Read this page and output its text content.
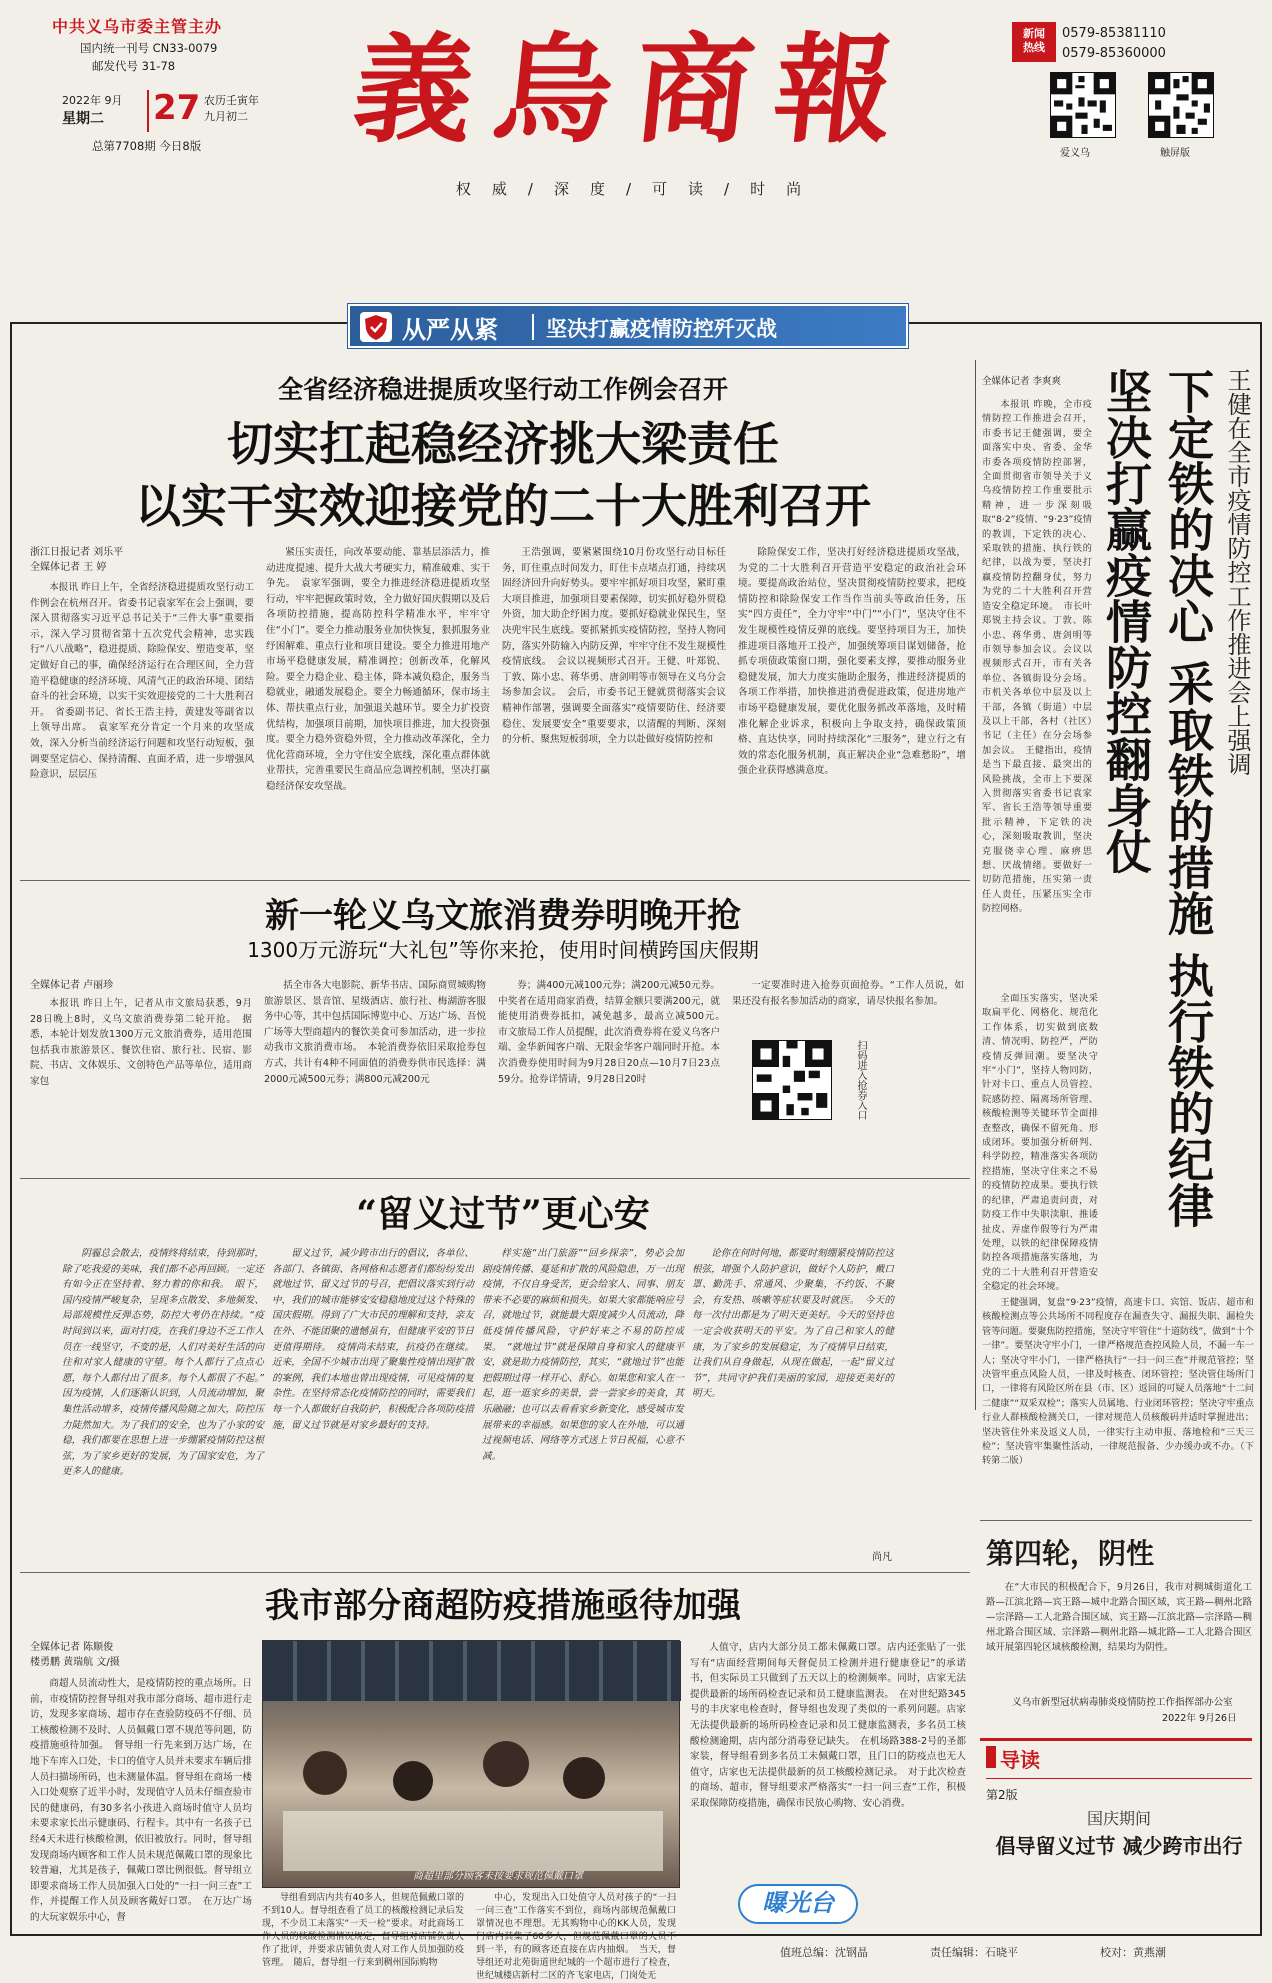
中共义乌市委主管主办
国内统一刊号 CN33-0079
邮发代号 31-78
2022年 9月
星期二 27 农历壬寅年
九月初二
总第7708期 今日8版	義烏商報
权　威　/　深　度　/　可　读　/　时　尚
新闻
热线
0579-85381110
0579-85360000
爱义乌	触屏版
从严从紧 坚决打赢疫情防控歼灭战
全省经济稳进提质攻坚行动工作例会召开
切实扛起稳经济挑大梁责任
以实干实效迎接党的二十大胜利召开
浙江日报记者 刘乐平
全媒体记者 王 婷

本报讯 昨日上午，全省经济稳进提质攻坚行动工作例会在杭州召开。省委书记袁家军在会上强调，要深入贯彻落实习近平总书记关于“三件大事”重要指示，深入学习贯彻省第十五次党代会精神，忠实践行“八八战略”，稳进提质、除险保安、塑造变革，坚定做好自己的事，确保经济运行在合理区间，全力营造平稳健康的经济环境、风清气正的政治环境、团结奋斗的社会环境，以实干实效迎接党的二十大胜利召开。　省委副书记、省长王浩主持，黄建发等副省以上领导出席。　袁家军充分肯定一个月来的攻坚成效，深入分析当前经济运行问题和攻坚行动短板，强调要坚定信心、保持清醒、直面矛盾，进一步增强风险意识，层层压

紧压实责任，向改革要动能、靠基层添活力，推动进度提速、提升大战大考硬实力，精准破难、实干争先。　袁家军强调，要全力推进经济稳进提质攻坚行动，牢牢把握政策时效，全力做好国庆假期以及后各项防控措施，提高防控科学精准水平，牢牢守住“小门”。要全力推动服务业加快恢复，狠抓服务业纾困解难、重点行业和项目建设。要全力推进用地产市场平稳健康发展，精准调控；创新改革，化解风险。要全力稳企业、稳主体，降本减负稳企，服务当稳就业，融通发展稳企。要全力畅通循环，保市场主体、帮扶重点行业，加强退关越环节。要全力扩投资优结构，加强项目前期，加快项目推进，加大投资强度。要全力稳外资稳外贸，全力推动改革深化，全力优化营商环境，全力守住安全底线，深化重点群体就业帮扶，完善重要民生商品应急调控机制，坚决打赢稳经济保安攻坚战。

王浩强调，要紧紧围绕10月份攻坚行动目标任务，盯住重点时间发力，盯住卡点堵点打通，持续巩固经济回升向好势头。要牢牢抓好项目攻坚，紧盯重大项目推进，加强项目要素保障，切实抓好稳外贸稳外资，加大助企纾困力度。要抓好稳就业保民生，坚决兜牢民生底线。要抓紧抓实疫情防控，坚持人物同防，落实外防输入内防反弹，牢牢守住不发生规模性疫情底线。　会议以视频形式召开。王健、叶郑锐、丁敦、陈小忠、蒋华勇、唐剑明等市领导在义乌分会场参加会议。　会后，市委书记王健就贯彻落实会议精神作部署，强调要全面落实“疫情要防住、经济要稳住、发展要安全”重要要求，以清醒的判断、深刻的分析、聚焦短板弱项，全力以赴做好疫情防控和

除险保安工作，坚决打好经济稳进提质攻坚战，为党的二十大胜利召开营造平安稳定的政治社会环境。要提高政治站位，坚决贯彻疫情防控要求，把疫情防控和除险保安工作当作当前头等政治任务，压实“四方责任”，全力守牢“中门”“小门”，坚决守住不发生规模性疫情反弹的底线。要坚持项目为王，加快推进项目落地开工投产，加强统筹项目谋划储备，抢抓专项债政策窗口期，强化要素支撑，要推动服务业稳健发展，加大力度实施助企服务，推进经济提质的各项工作举措，加快推进消费促进政策，促进房地产市场平稳健康发展，要优化服务抓改革落地，及时精准化解企业诉求，积极向上争取支持，确保政策顶格、直达快享，同时持续深化“三服务”，建立行之有效的常态化服务机制，真正解决企业“急难愁盼”，增强企业获得感满意度。	王健在全市疫情防控工作推进会上强调
下定铁的决心 采取铁的措施 执行铁的纪律
坚决打赢疫情防控翻身仗
全媒体记者 李爽爽

本报讯 昨晚，全市疫情防控工作推进会召开，市委书记王健强调，要全面落实中央、省委、金华市委各项疫情防控部署，全面贯彻省市领导关于义乌疫情防控工作重要批示精神，进一步深刻吸取“8·2”疫情、“9·23”疫情的教训，下定铁的决心、采取铁的措施、执行铁的纪律，以战为要，坚决打赢疫情防控翻身仗，努力为党的二十大胜利召开营造安全稳定环境。　市长叶郑锐主持会议。丁敦、陈小忠、蒋华勇、唐剑明等市领导参加会议。会议以视频形式召开，市有关各单位、各镇街设分会场。市机关各单位中层及以上干部，各镇（街道）中层及以上干部，各村（社区）书记（主任）在分会场参加会议。　王健指出，疫情是当下最直接、最突出的风险挑战，全市上下要深入贯彻落实省委书记袁家军、省长王浩等领导重要批示精神，下定铁的决心，深刻吸取教训，坚决克服侥幸心理、麻痹思想、厌战情绪。要做好一切防范措施，压实第一责任人责任，压紧压实全市防控网格。

全面压实落实，坚决采取扁平化、网格化、规范化工作体系，切实做到底数清、情况明、防控严，严防疫情反弹回潮。要坚决守牢“小门”，坚持人物同防，针对卡口、重点人员管控、院感防控、隔离场所管理、核酸检测等关键环节全面排查整改，确保不留死角、形成闭环。要加强分析研判、科学防控，精准落实各项防控措施，坚决守住来之不易的疫情防控成果。要执行铁的纪律，严肃追责问责，对防疫工作中失职渎职、推诿扯皮、弄虚作假等行为严肃处理，以铁的纪律保障疫情防控各项措施落实落地，为党的二十大胜利召开营造安全稳定的社会环境。

王健强调，复盘“9·23”疫情，高速卡口、宾馆、饭店、超市和核酸检测点等公共场所不同程度存在漏查失守、漏报失职、漏检失管等问题。要聚焦防控措施，坚决守牢管住“十道防线”，做到“十个一律”。要坚决守牢小门，一律严格规范查控风险人员，不漏一车一人；坚决守牢小门，一律严格执行“一扫一问三查”并规范管控；坚决管牢重点风险人员，一律及时核查、闭环管控；坚决管住场所门口，一律将有风险区所在县（市、区）返回的可疑人员落地“十二问二健康”“双采双检”；落实人员属地、行业闭环管控；坚决守牢重点行业人群核酸检测关口，一律对规范人员核酸码并适时掌握进出；坚决管住外来及返义人员，一律实行主动申报、落地检和“三天三检”；坚决管牢集聚性活动，一律规范报备、少办缓办或不办。（下转第二版）

新一轮义乌文旅消费券明晚开抢
1300万元游玩“大礼包”等你来抢，使用时间横跨国庆假期
全媒体记者 卢丽珍

本报讯 昨日上午，记者从市文旅局获悉，9月28日晚上8时，义乌文旅消费券第二轮开抢。　据悉，本轮计划发放1300万元文旅消费券，适用范围包括我市旅游景区、餐饮住宿、旅行社、民宿、影院、书店、文体娱乐、文创特色产品等单位，适用商家包

括全市各大电影院、新华书店、国际商贸城购物旅游景区、景音馆、星级酒店、旅行社、梅湖游客服务中心等，其中包括国际博览中心、万达广场、吾悦广场等大型商超内的餐饮美食可参加活动，进一步拉动我市文旅消费市场。　本轮消费券依旧采取抢券包方式，共计有4种不同面值的消费券供市民选择：满2000元减500元券；满800元减200元

券；满400元减100元券；满200元减50元券。中奖者在适用商家消费，结算金额只要满200元，就能使用消费券抵扣，减免越多，最高立减500元。　市文旅局工作人员提醒，此次消费券将在爱义乌客户端、金华新闻客户端、无限金华客户端同时开抢。本次消费券使用时间为9月28日20点—10月7日23点59分。抢券详情请，9月28日20时

一定要准时进入抢券页面抢券。“工作人员说，如果还没有报名参加活动的商家，请尽快报名参加。

扫码进入抢券入口
“留义过节”更心安

阴霾总会散去，疫情终将结束，待到那时，除了吃我爱的美味，我们都不必再回顾。一定还有如今正在坚持着、努力着的你和我。　眼下，国内疫情严峻复杂，呈现多点散发、多地频发、局部规模性反弹态势，防控大考仍在持续。“疫时间到以来，面对打疫，在我们身边不乏工作人员在一线坚守，不变的是，人们对美好生活的向往和对家人健康的守望。每个人都行了点点心愿，每个人都付出了很多。每个人都很了不起。”　因为疫情，人们逐渐认识到，人员流动增加，聚集性活动增多，疫情传播风险随之加大，防控压力陡然加大。为了我们的安全，也为了小家的安稳，我们都要在思想上进一步绷紧疫情防控这根弦，为了家乡更好的发展，为了国家安危，为了更多人的健康。

留义过节，减少跨市出行的倡议，各单位、各部门、各镇街、各网格和志愿者们都纷纷发出就地过节、留义过节的号召，把倡议落实到行动中，我们的城市能够安安稳稳地度过这个特殊的国庆假期。得到了广大市民的理解和支持，亲友在外、不能团聚的遗憾虽有，但健康平安的节日更值得期待。　疫情尚未结束，抗疫仍在继续。近来，全国不少城市出现了聚集性疫情出现扩散的案例，我们本地也曾出现疫情，可见疫情的复杂性。在坚持常态化疫情防控的同时，需要我们每一个人都做好自我防护，积极配合各项防疫措施，留义过节就是对家乡最好的支持。

样实施“出门旅游”“回乡探亲”，势必会加剧疫情传播、蔓延和扩散的风险隐患，万一出现疫情，不仅自身受苦，更会给家人、同事、朋友带来不必要的麻烦和损失。如果大家都能响应号召，就地过节，就能最大限度减少人员流动，降低疫情传播风险，守护好来之不易的防控成果。　“就地过节”就是保障自身和家人的健康平安，就是助力疫情防控，其实，“就地过节”也能把假期过得一样开心、舒心。如果您和家人在一起，逛一逛家乡的美景，尝一尝家乡的美食，其乐融融；也可以去看看家乡新变化，感受城市发展带来的幸福感。如果您的家人在外地，可以通过视频电话、网络等方式送上节日祝福，心意不减。

论你在何时何地，都要时刻绷紧疫情防控这根弦，增强个人防护意识，做好个人防护，戴口罩、勤洗手、常通风、少聚集，不约饭、不聚会，有发热、咳嗽等症状要及时就医。　今天的每一次付出都是为了明天更美好。今天的坚持也一定会收获明天的平安。为了自己和家人的健康，为了家乡的发展稳定，为了疫情早日结束，让我们从自身做起，从现在做起，一起“留义过节”，共同守护我们美丽的家园，迎接更美好的明天。

尚凡
我市部分商超防疫措施亟待加强
全媒体记者 陈顺俊
楼勇鹏 黄瑞航 文/摄

商超人员流动性大，是疫情防控的重点场所。日前，市疫情防控督导组对我市部分商场、超市进行走访，发现多家商场、超市存在查验防疫码不仔细、员工核酸检测不及时、人员佩戴口罩不规范等问题，防疫措施亟待加强。　督导组一行先来到万达广场，在地下车库入口处，卡口的值守人员并未要求车辆后排人员扫描场所码，也未测量体温。督导组在商场一楼入口处观察了近半小时，发现值守人员未仔细查验市民的健康码，有30多名小孩进入商场时值守人员均未要求家长出示健康码、行程卡。其中有一名孩子已经4天未进行核酸检测，依旧被放行。同时，督导组发现商场内顾客和工作人员未规范佩戴口罩的现象比较普遍，尤其是孩子，佩戴口罩比例很低。督导组立即要求商场工作人员加强入口处的“一扫一问三查”工作，并提醒工作人员及顾客戴好口罩。　在万达广场的大玩家娱乐中心，督

商超里部分顾客未按要求规范佩戴口罩

导组看到店内共有40多人，但规范佩戴口罩的不到10人。督导组查看了员工的核酸检测记录后发现，不少员工未落实“一天一检”要求。对此商场工作人员的核酸检测情况规定，督导组对店铺负责人作了批评，并要求店铺负责人对工作人员加强防疫管理。　随后，督导组一行来到稠州国际购物

中心，发现出入口处值守人员对孩子的“一扫一问三查”工作落实不到位，商场内部规范佩戴口罩情况也不理想。无其购物中心的KK人员，发现门店内其集了60多人，但规范佩戴口罩的人员不到一半，有的顾客还直接在店内抽烟。　当天，督导组还对北苑街道世纪城的一个超市进行了检查，世纪城楼店新村二区的齐飞家电店，门岗处无

人值守，店内大部分员工都未佩戴口罩。店内还张贴了一张写有“店面经营期间每天督促员工检测并进行健康登记”的承诺书，但实际员工只做到了五天以上的检测频率。同时，店家无法提供最新的场所码检查记录和员工健康监测表。　在对世纪路345号的丰庆家电检查时，督导组也发现了类似的一系列问题。店家无法提供最新的场所码检查记录和员工健康监测表，多名员工核酸检测逾期，店内部分消毒登记缺失。　在机场路388-2号的圣都家装，督导组看到多名员工未佩戴口罩，且门口的防疫点也无人值守，店家也无法提供最新的员工核酸检测记录。　对于此次检查的商场、超市，督导组要求严格落实“一扫一问三查”工作，积极采取保障防疫措施，确保市民放心购物、安心消费。

曝光台
第四轮，阴性

在“大市民的积极配合下，9月26日，我市对稠城街道化工路—江滨北路—宾王路—城中北路合围区域，宾王路—稠州北路—宗泽路—工人北路合围区域、宾王路—江滨北路—宗泽路—稠州北路合围区域、宗泽路—稠州北路—城北路—工人北路合围区域开展第四轮区域核酸检测，结果均为阴性。

义乌市新型冠状病毒肺炎疫情防控工作指挥部办公室
2022年 9月26日
导读
第2版
国庆期间
倡导留义过节 减少跨市出行
值班总编：沈钢晶	责任编辑：石晓平	校对：黄燕潮
